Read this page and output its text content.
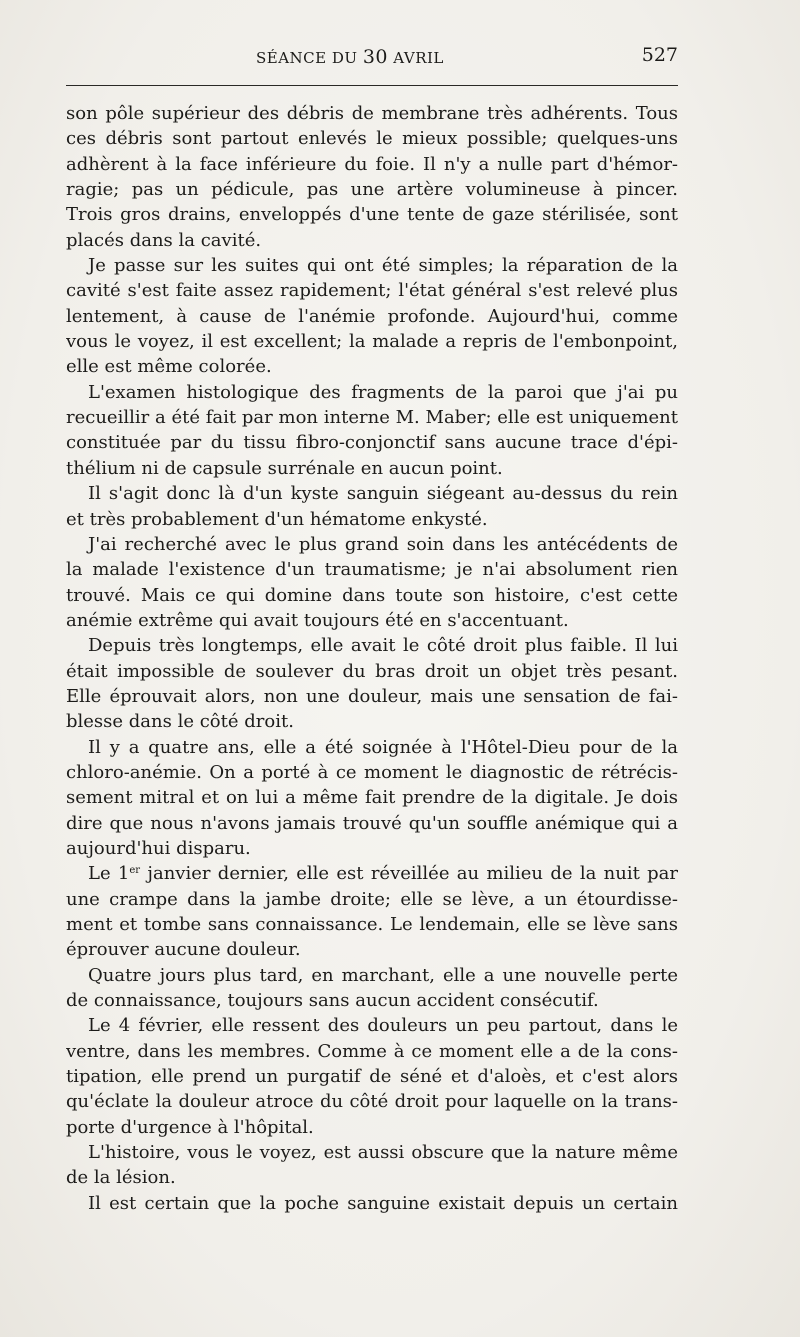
SÉANCE DU 30 AVRIL	527
son pôle supérieur des débris de membrane très adhérents. Tous
ces débris sont partout enlevés le mieux possible; quelques-uns
adhèrent à la face inférieure du foie. Il n'y a nulle part d'hémor-
ragie; pas un pédicule, pas une artère volumineuse à pincer.
Trois gros drains, enveloppés d'une tente de gaze stérilisée, sont
placés dans la cavité.
Je passe sur les suites qui ont été simples; la réparation de la
cavité s'est faite assez rapidement; l'état général s'est relevé plus
lentement, à cause de l'anémie profonde. Aujourd'hui, comme
vous le voyez, il est excellent; la malade a repris de l'embonpoint,
elle est même colorée.
L'examen histologique des fragments de la paroi que j'ai pu
recueillir a été fait par mon interne M. Maber; elle est uniquement
constituée par du tissu fibro-conjonctif sans aucune trace d'épi-
thélium ni de capsule surrénale en aucun point.
Il s'agit donc là d'un kyste sanguin siégeant au-dessus du rein
et très probablement d'un hématome enkysté.
J'ai recherché avec le plus grand soin dans les antécédents de
la malade l'existence d'un traumatisme; je n'ai absolument rien
trouvé. Mais ce qui domine dans toute son histoire, c'est cette
anémie extrême qui avait toujours été en s'accentuant.
Depuis très longtemps, elle avait le côté droit plus faible. Il lui
était impossible de soulever du bras droit un objet très pesant.
Elle éprouvait alors, non une douleur, mais une sensation de fai-
blesse dans le côté droit.
Il y a quatre ans, elle a été soignée à l'Hôtel-Dieu pour de la
chloro-anémie. On a porté à ce moment le diagnostic de rétrécis-
sement mitral et on lui a même fait prendre de la digitale. Je dois
dire que nous n'avons jamais trouvé qu'un souffle anémique qui a
aujourd'hui disparu.
Le 1er janvier dernier, elle est réveillée au milieu de la nuit par
une crampe dans la jambe droite; elle se lève, a un étourdisse-
ment et tombe sans connaissance. Le lendemain, elle se lève sans
éprouver aucune douleur.
Quatre jours plus tard, en marchant, elle a une nouvelle perte
de connaissance, toujours sans aucun accident consécutif.
Le 4 février, elle ressent des douleurs un peu partout, dans le
ventre, dans les membres. Comme à ce moment elle a de la cons-
tipation, elle prend un purgatif de séné et d'aloès, et c'est alors
qu'éclate la douleur atroce du côté droit pour laquelle on la trans-
porte d'urgence à l'hôpital.
L'histoire, vous le voyez, est aussi obscure que la nature même
de la lésion.
Il est certain que la poche sanguine existait depuis un certain
